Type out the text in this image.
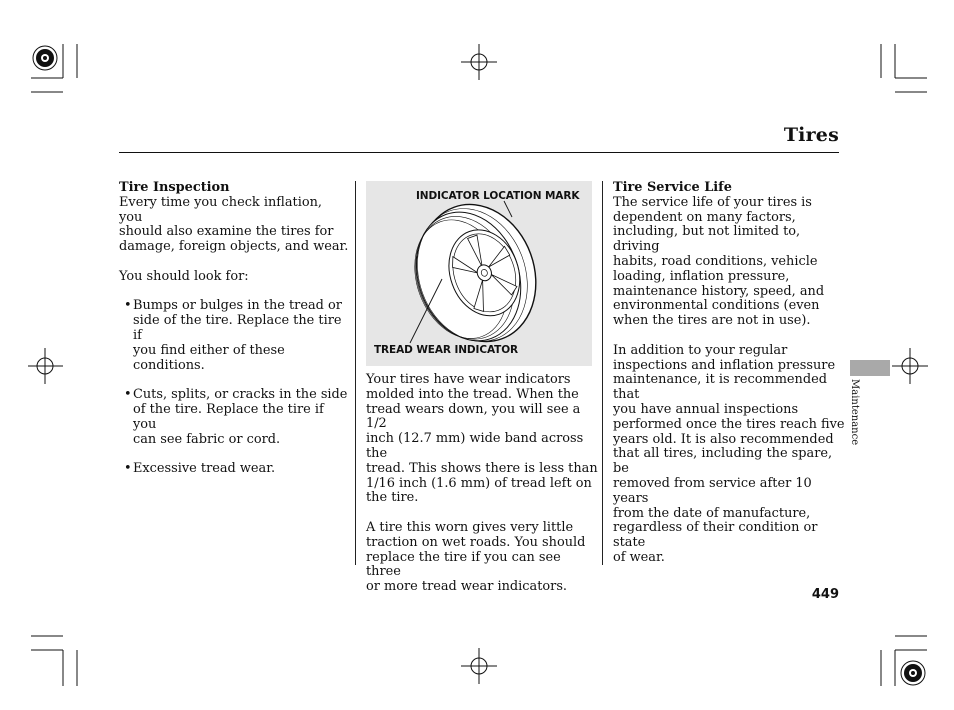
Tires

Tire Inspection

Every time you check inflation, you

should also examine the tires for

damage, foreign objects, and wear.

You should look for:

• Bumps or bulges in the tread or
side of the tire. Replace the tire if
you find either of these conditions.
• Cuts, splits, or cracks in the side
of the tire. Replace the tire if you
can see fabric or cord.
• Excessive tread wear.
INDICATOR LOCATION MARK
TREAD WEAR INDICATOR

Your tires have wear indicators

molded into the tread. When the

tread wears down, you will see a 1/2

inch (12.7 mm) wide band across the

tread. This shows there is less than

1/16 inch (1.6 mm) of tread left on

the tire.

A tire this worn gives very little

traction on wet roads. You should

replace the tire if you can see three

or more tread wear indicators.

Tire Service Life

The service life of your tires is

dependent on many factors,

including, but not limited to, driving

habits, road conditions, vehicle

loading, inflation pressure,

maintenance history, speed, and

environmental conditions (even

when the tires are not in use).

In addition to your regular

inspections and inflation pressure

maintenance, it is recommended that

you have annual inspections

performed once the tires reach five

years old. It is also recommended

that all tires, including the spare, be

removed from service after 10 years

from the date of manufacture,

regardless of their condition or state

of wear.

Maintenance
449
